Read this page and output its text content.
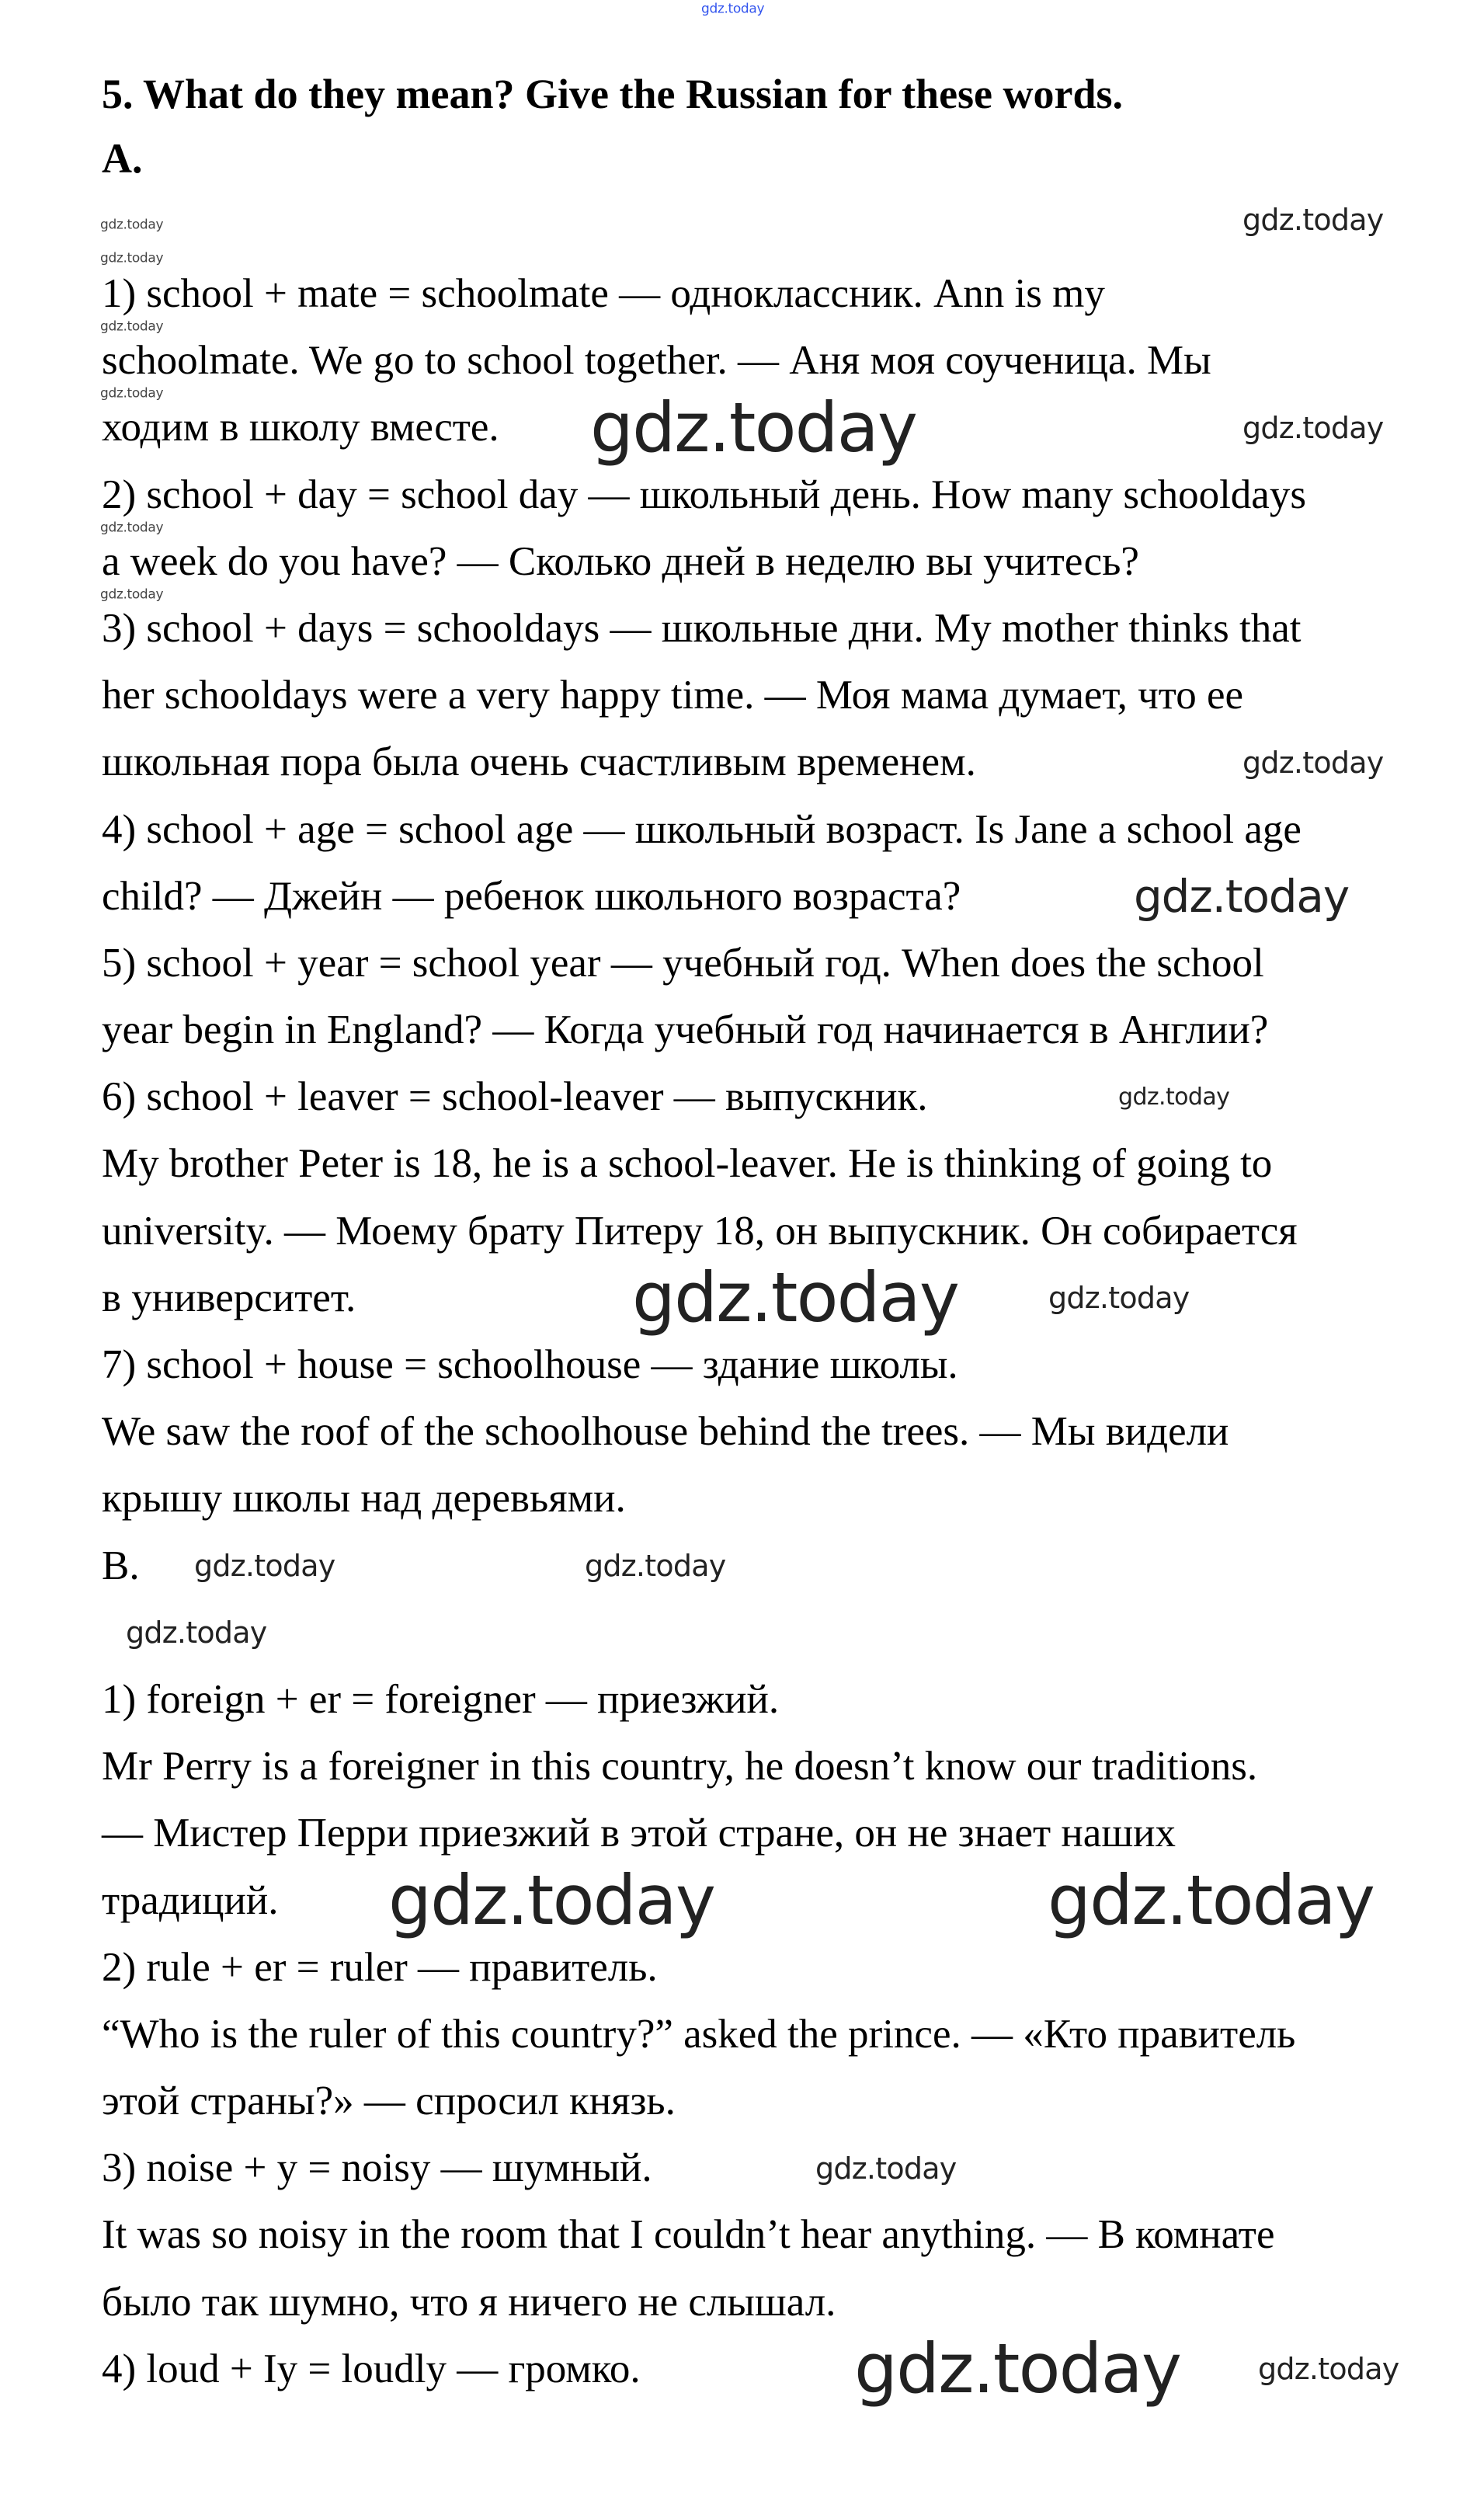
5. What do they mean? Give the Russian for these words.
A.
1) school + mate = schoolmate — одноклассник. Ann is my
schoolmate. We go to school together. — Аня моя соученица. Мы
ходим в школу вместе.
2) school + day = school day — школьный день. How many schooldays
a week do you have? — Сколько дней в неделю вы учитесь?
3) school + days = schooldays — школьные дни. My mother thinks that
her schooldays were a very happy time. — Моя мама думает, что ее
школьная пора была очень счастливым временем.
4) school + age = school age — школьный возраст. Is Jane a school age
child? — Джейн — ребенок школьного возраста?
5) school + year = school year — учебный год. When does the school
year begin in England? — Когда учебный год начинается в Англии?
6) school + leaver = school-leaver — выпускник.
My brother Peter is 18, he is a school-leaver. He is thinking of going to
university. — Моему брату Питеру 18, он выпускник. Он собирается
в университет.
7) school + house = schoolhouse — здание школы.
We saw the roof of the schoolhouse behind the trees. — Мы видели
крышу школы над деревьями.
B.
1) foreign + er = foreigner — приезжий.
Mr Perry is a foreigner in this country, he doesn’t know our traditions.
— Мистер Перри приезжий в этой стране, он не знает наших
традиций.
2) rule + er = ruler — правитель.
“Who is the ruler of this country?” asked the prince. — «Кто правитель
этой страны?» — спросил князь.
3) noise + y = noisy — шумный.
It was so noisy in the room that I couldn’t hear anything. — В комнате
было так шумно, что я ничего не слышал.
4) loud + Iy = loudly — громко.
gdz.today
gdz.today	gdz.today
gdz.today
gdz.today
gdz.today
gdz.today	gdz.today
gdz.today
gdz.today
gdz.today
gdz.today	gdz.today
gdz.today
gdz.today
gdz.today
gdz.today
gdz.today
gdz.today	gdz.today
gdz.today
gdz.today
gdz.today
